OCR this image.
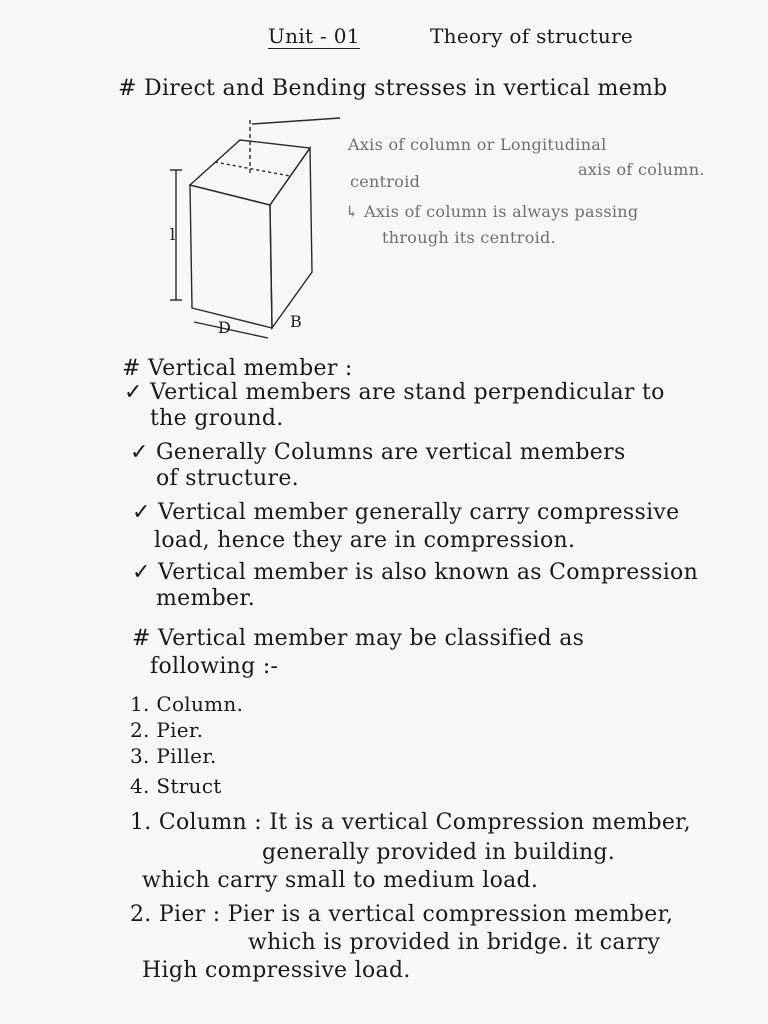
Unit - 01	Theory of structure
# Direct and Bending stresses in vertical memb
l
D	B
Axis of column or Longitudinal
axis of column.
centroid
↳ Axis of column is always passing
through its centroid.
# Vertical member :
✓ Vertical members are stand perpendicular to
the ground.
✓ Generally Columns are vertical members
of structure.
✓ Vertical member generally carry compressive
load, hence they are in compression.
✓ Vertical member is also known as Compression
member.
# Vertical member may be classified as
following :-
1. Column.
2. Pier.
3. Piller.
4. Struct
1. Column : It is a vertical Compression member,
generally provided in building.
which carry small to medium load.
2. Pier : Pier is a vertical compression member,
which is provided in bridge. it carry
High compressive load.
